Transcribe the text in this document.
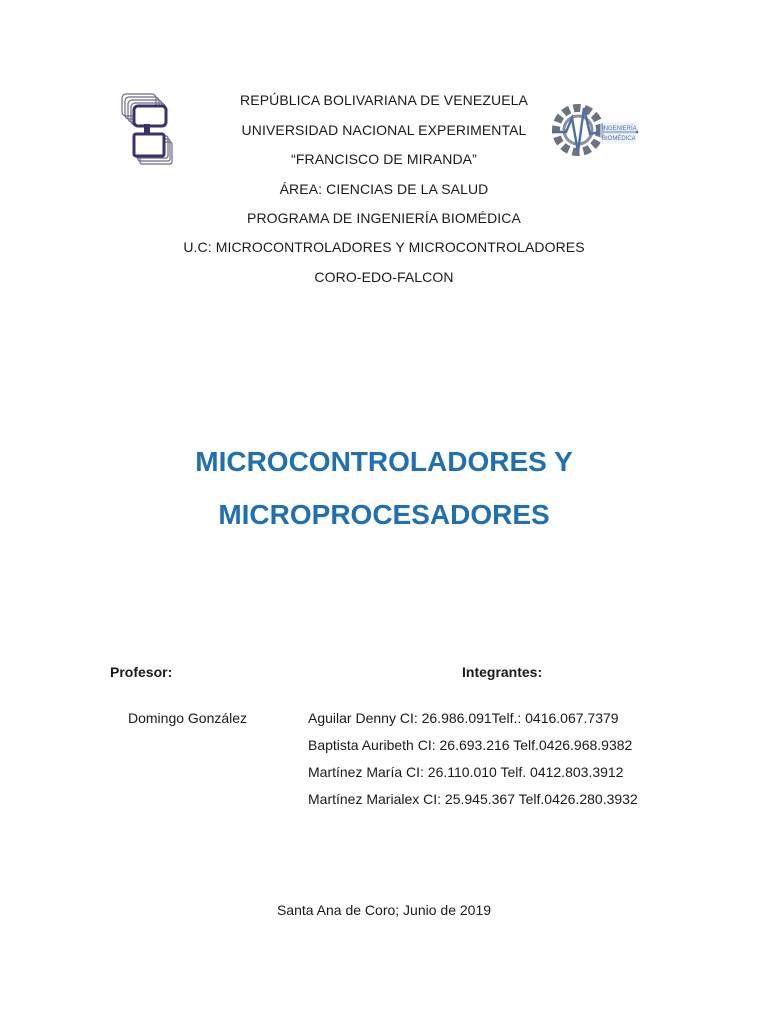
INGENIERÍA
BIOMÉDICA
REPÚBLICA BOLIVARIANA DE VENEZUELA
UNIVERSIDAD NACIONAL EXPERIMENTAL
“FRANCISCO DE MIRANDA”
ÁREA: CIENCIAS DE LA SALUD
PROGRAMA DE INGENIERÍA BIOMÉDICA
U.C: MICROCONTROLADORES Y MICROCONTROLADORES
CORO-EDO-FALCON
MICROCONTROLADORES Y
MICROPROCESADORES
Profesor:	Integrantes:
Domingo González	Aguilar Denny CI: 26.986.091Telf.: 0416.067.7379
Baptista Auribeth CI: 26.693.216 Telf.0426.968.9382
Martínez María CI: 26.110.010 Telf. 0412.803.3912
Martínez Marialex CI: 25.945.367 Telf.0426.280.3932
Santa Ana de Coro; Junio de 2019
